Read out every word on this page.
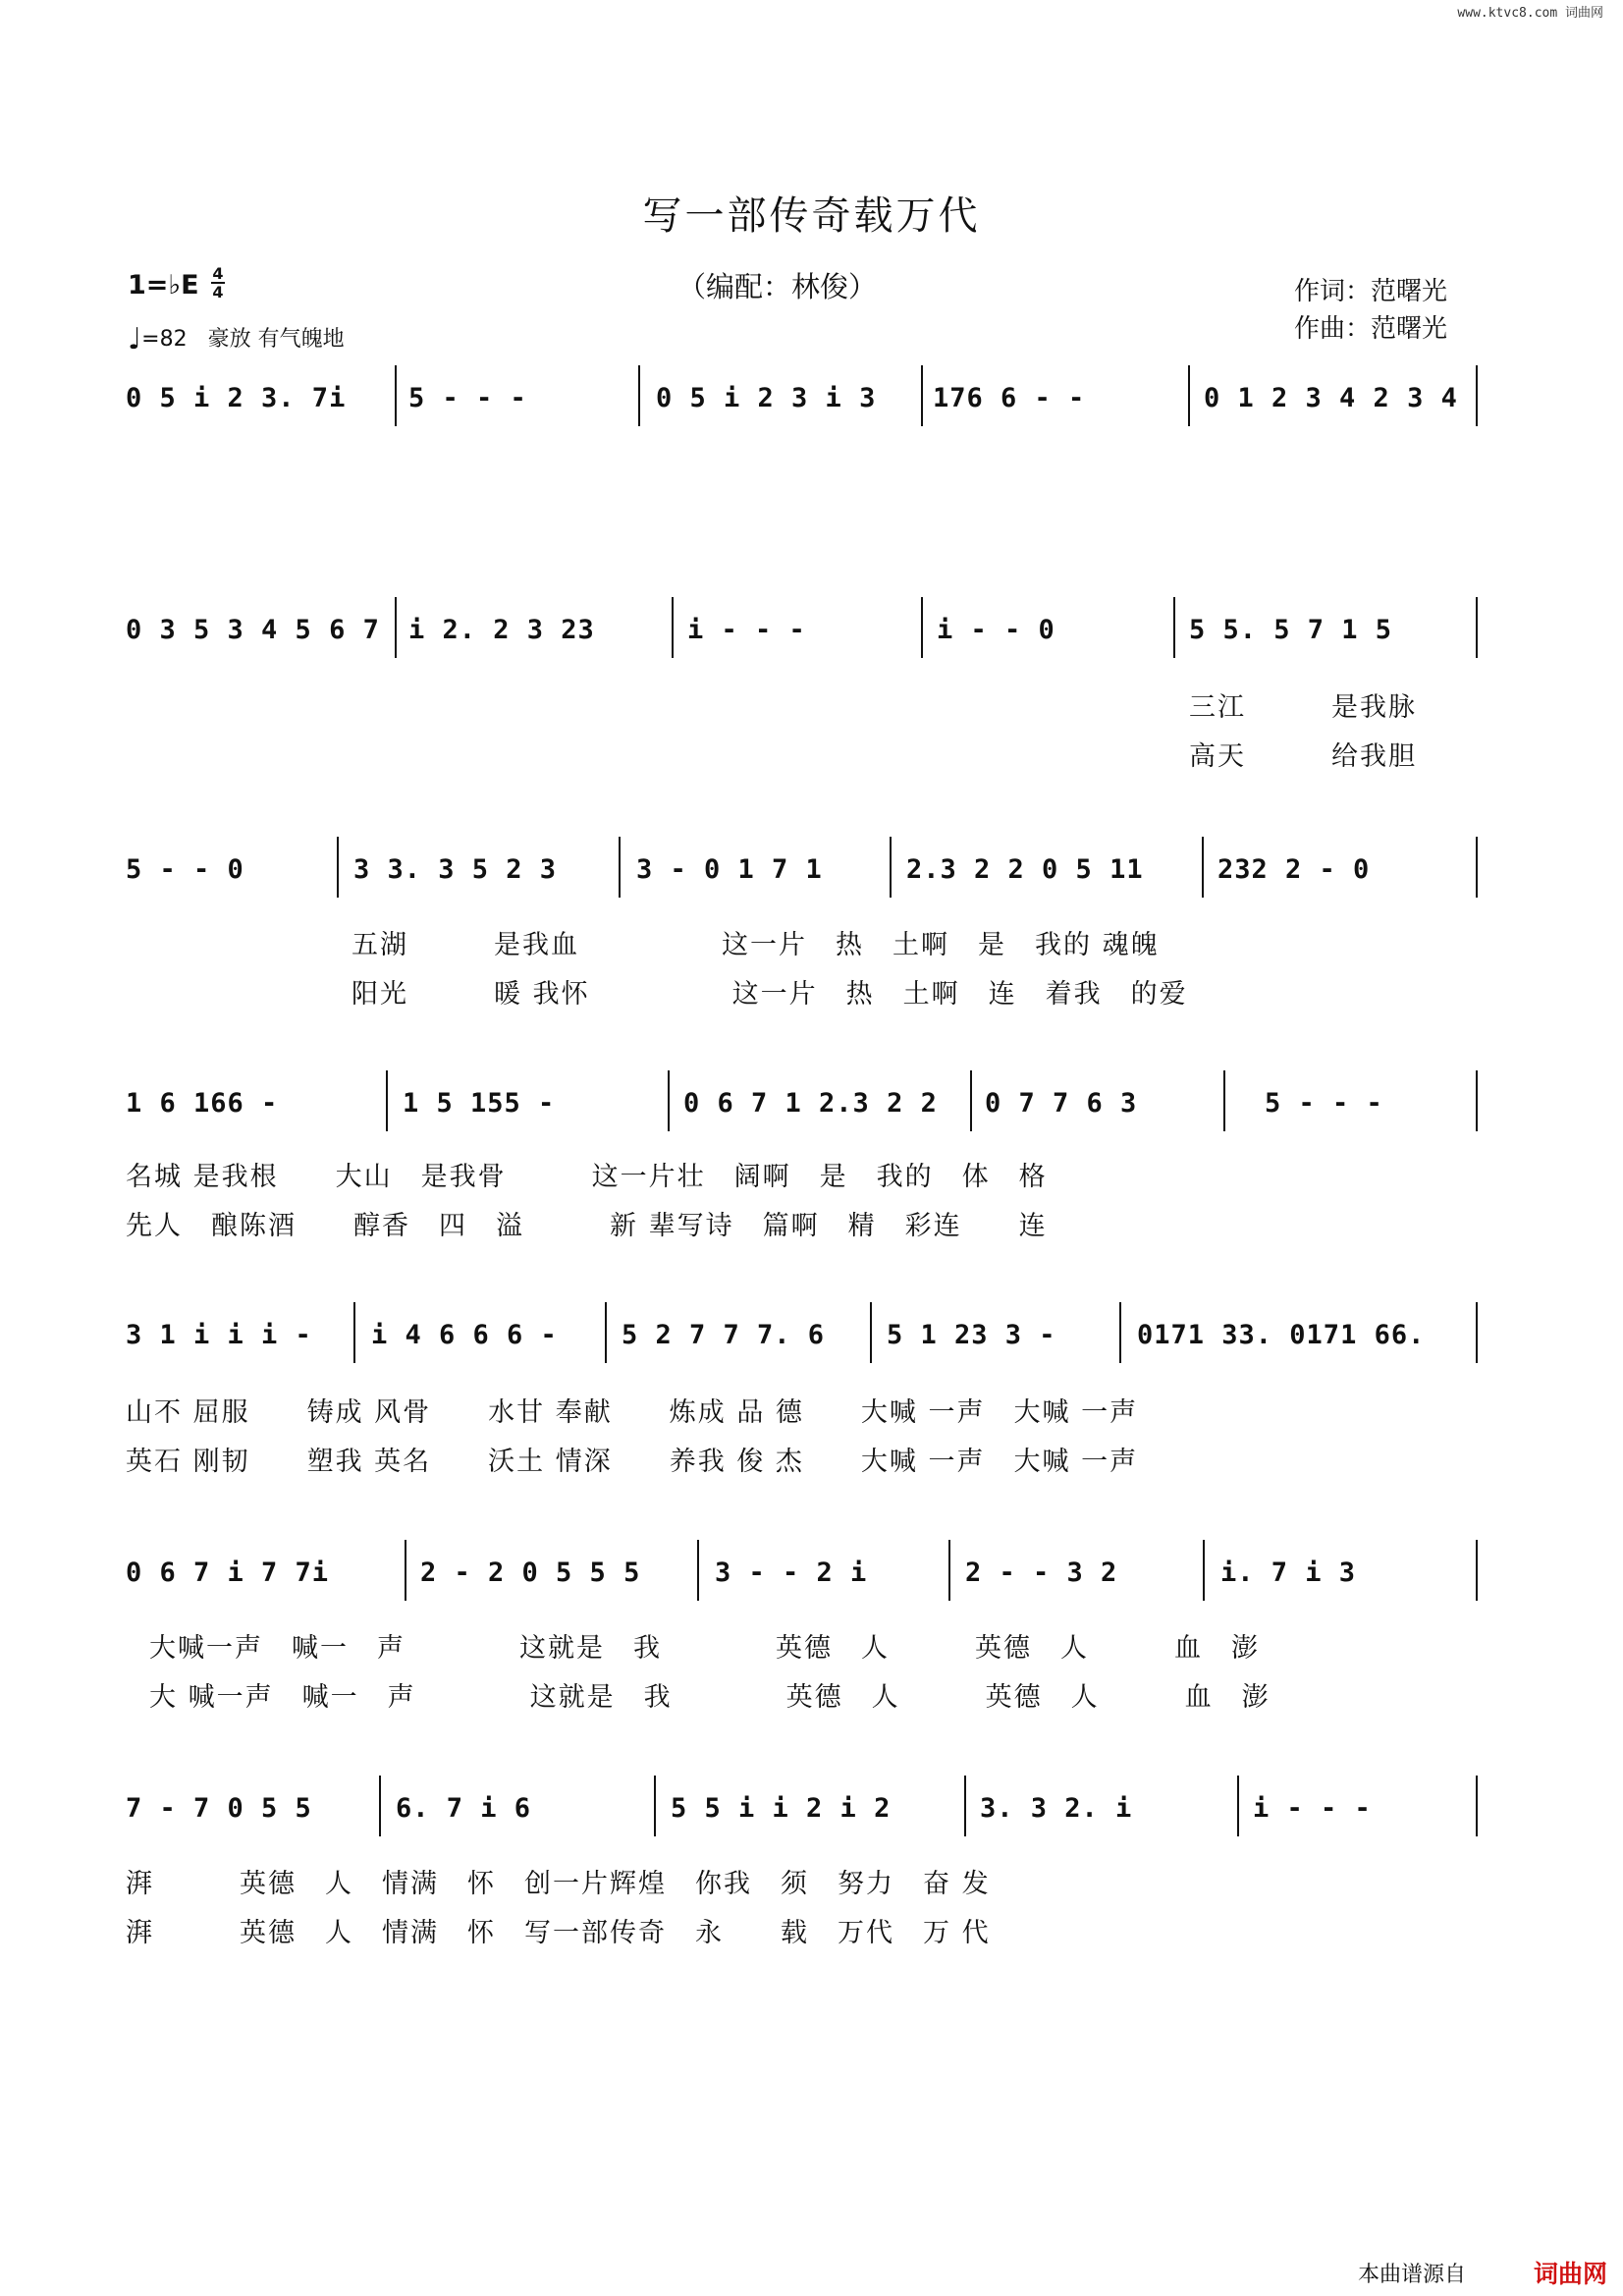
www.ktvc8.com 词曲网
写一部传奇载万代
（编配：林俊）	作词：范曙光
作曲：范曙光
1=♭E 4
4
♩=82 豪放 有气魄地
0 5 i 2 3. 7i 5 - - -	0 5 i 2 3 i 3 176 6 - -	0 1 2 3 4 2 3 4
0 3 5 3 4 5 6 7 i 2. 2 3 23	i - - -	i - - 0	5 5. 5 7 1 5
三江　　　是我脉
高天　　　给我胆
5 - - 0	3 3. 3 5 2 3	3 - 0 1 7 1	2.3 2 2 0 5 11	232 2 - 0
五湖　　　是我血　　　　　这一片　热　土啊　是　我的 魂魄
阳光　　　暖 我怀　　　　　这一片　热　土啊　连　着我　的爱
1 6 166 -	1 5 155 -	0 6 7 1 2.3 2 2 0 7 7 6 3	5 - - -
名城 是我根　　大山　是我骨　　　这一片壮　阔啊　是　我的　体　格
先人　酿陈酒　　醇香　四　溢　　　新 辈写诗　篇啊　精　彩连　　连
3 1 i i i - i 4 6 6 6 - 5 2 7 7 7. 6 5 1 23 3 -	0171 33. 0171 66.
山不 屈服　　铸成 风骨　　水甘 奉献　　炼成 品 德　　大喊 一声　大喊 一声
英石 刚韧　　塑我 英名　　沃土 情深　　养我 俊 杰　　大喊 一声　大喊 一声
0 6 7 i 7 7i	2 - 2 0 5 5 5	3 - - 2 i	2 - - 3 2	i. 7 i 3
大喊一声　喊一　声　　　　这就是　我　　　　英德　人　　　英德　人　　　血　澎
大 喊一声　喊一　声　　　　这就是　我　　　　英德　人　　　英德　人　　　血　澎
7 - 7 0 5 5	6. 7 i 6	5 5 i i 2 i 2	3. 3 2. i	i - - -
湃　　　英德　人　情满　怀　创一片辉煌　你我　须　努力　奋 发
湃　　　英德　人　情满　怀　写一部传奇　永　　载　万代　万 代
本曲谱源自	词曲网
